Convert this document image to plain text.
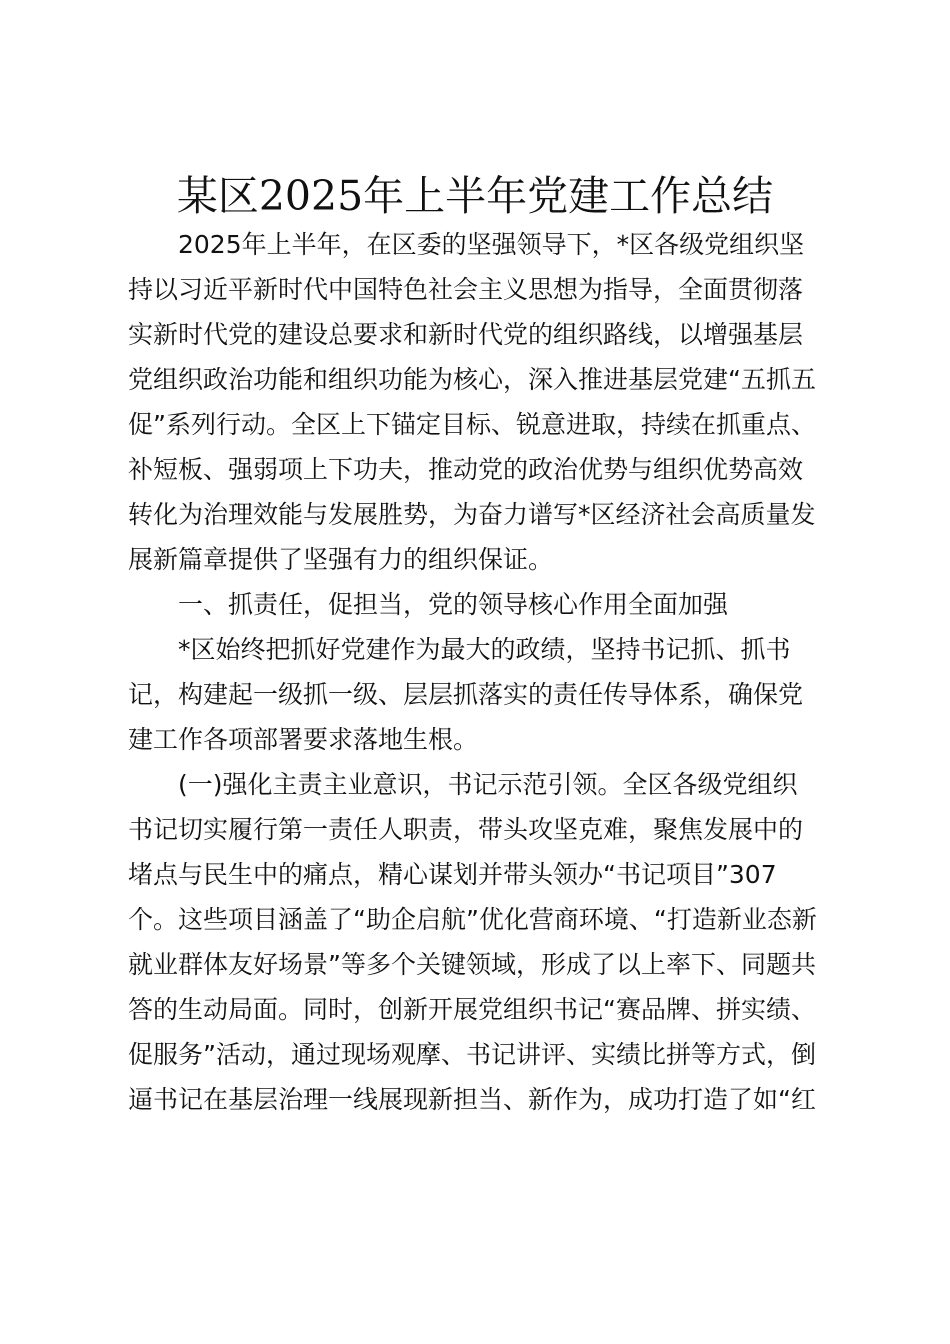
某区2025年上半年党建工作总结

2025年上半年，在区委的坚强领导下，*区各级党组织坚

持以习近平新时代中国特色社会主义思想为指导，全面贯彻落

实新时代党的建设总要求和新时代党的组织路线，以增强基层

党组织政治功能和组织功能为核心，深入推进基层党建“五抓五

促”系列行动。全区上下锚定目标、锐意进取，持续在抓重点、

补短板、强弱项上下功夫，推动党的政治优势与组织优势高效

转化为治理效能与发展胜势，为奋力谱写*区经济社会高质量发

展新篇章提供了坚强有力的组织保证。

一、抓责任，促担当，党的领导核心作用全面加强

*区始终把抓好党建作为最大的政绩，坚持书记抓、抓书

记，构建起一级抓一级、层层抓落实的责任传导体系，确保党

建工作各项部署要求落地生根。

(一)强化主责主业意识，书记示范引领。全区各级党组织

书记切实履行第一责任人职责，带头攻坚克难，聚焦发展中的

堵点与民生中的痛点，精心谋划并带头领办“书记项目”307

个。这些项目涵盖了“助企启航”优化营商环境、“打造新业态新

就业群体友好场景”等多个关键领域，形成了以上率下、同题共

答的生动局面。同时，创新开展党组织书记“赛品牌、拼实绩、

促服务”活动，通过现场观摩、书记讲评、实绩比拼等方式，倒

逼书记在基层治理一线展现新担当、新作为，成功打造了如“红
